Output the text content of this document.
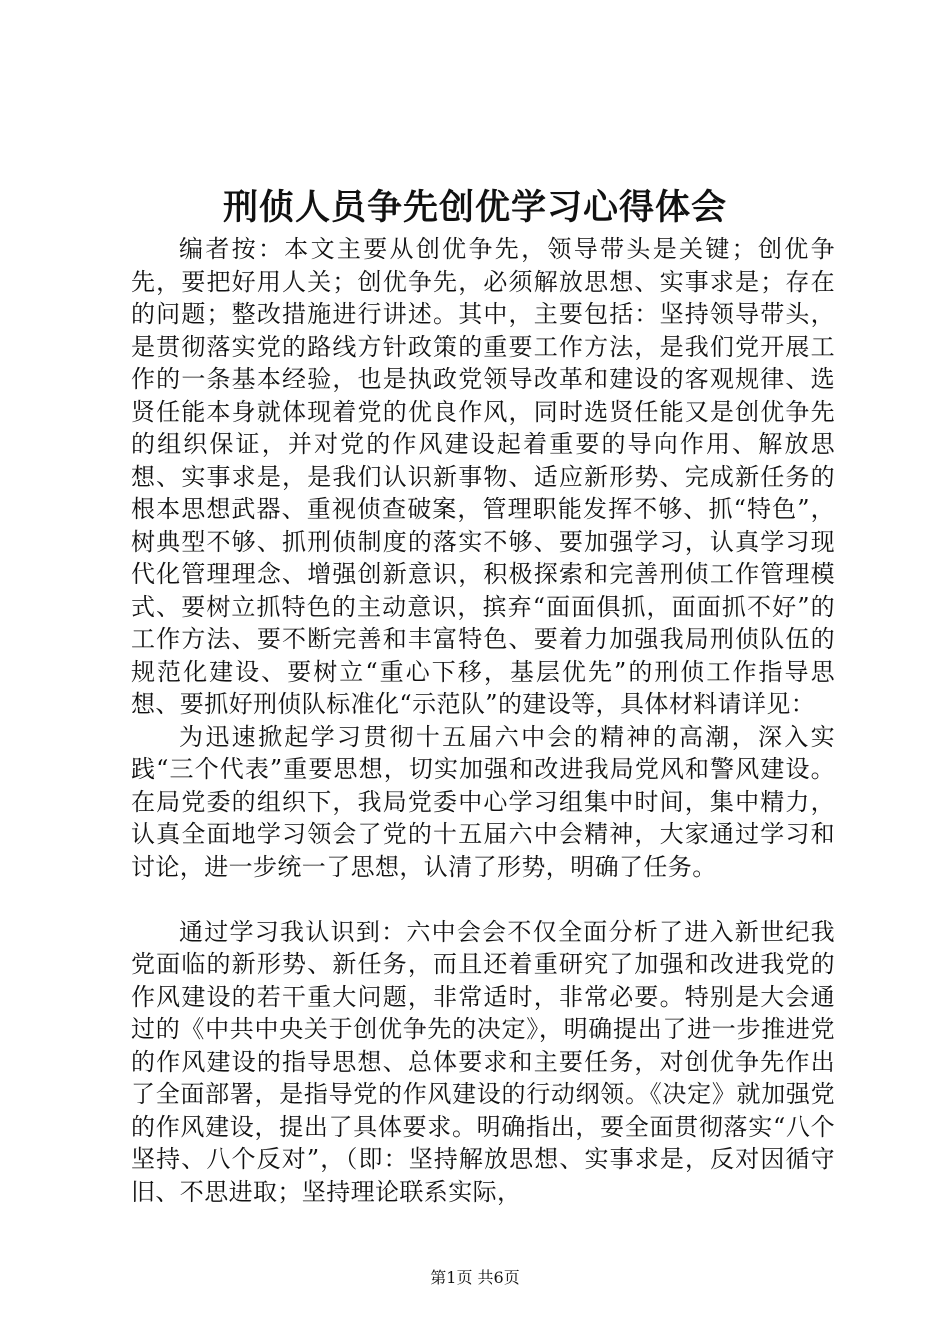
刑侦人员争先创优学习心得体会

编者按：本文主要从创优争先，领导带头是关键；创优争先，要把好用人关；创优争先，必须解放思想、实事求是；存在的问题；整改措施进行讲述。其中，主要包括：坚持领导带头，是贯彻落实党的路线方针政策的重要工作方法，是我们党开展工作的一条基本经验，也是执政党领导改革和建设的客观规律、选贤任能本身就体现着党的优良作风，同时选贤任能又是创优争先的组织保证，并对党的作风建设起着重要的导向作用、解放思想、实事求是，是我们认识新事物、适应新形势、完成新任务的根本思想武器、重视侦查破案，管理职能发挥不够、抓“特色”，树典型不够、抓刑侦制度的落实不够、要加强学习，认真学习现代化管理理念、增强创新意识，积极探索和完善刑侦工作管理模式、要树立抓特色的主动意识，摈弃“面面俱抓，面面抓不好”的工作方法、要不断完善和丰富特色、要着力加强我局刑侦队伍的规范化建设、要树立“重心下移，基层优先”的刑侦工作指导思想、要抓好刑侦队标准化“示范队”的建设等，具体材料请详见：

为迅速掀起学习贯彻十五届六中会的精神的高潮，深入实践“三个代表”重要思想，切实加强和改进我局党风和警风建设。在局党委的组织下，我局党委中心学习组集中时间，集中精力，认真全面地学习领会了党的十五届六中会精神，大家通过学习和讨论，进一步统一了思想，认清了形势，明确了任务。

通过学习我认识到：六中会会不仅全面分析了进入新世纪我党面临的新形势、新任务，而且还着重研究了加强和改进我党的作风建设的若干重大问题，非常适时，非常必要。特别是大会通过的《中共中央关于创优争先的决定》，明确提出了进一步推进党的作风建设的指导思想、总体要求和主要任务，对创优争先作出了全面部署，是指导党的作风建设的行动纲领。《决定》就加强党的作风建设，提出了具体要求。明确指出，要全面贯彻落实“八个坚持、八个反对”，（即：坚持解放思想、实事求是，反对因循守旧、不思进取；坚持理论联系实际，

第1页 共6页
